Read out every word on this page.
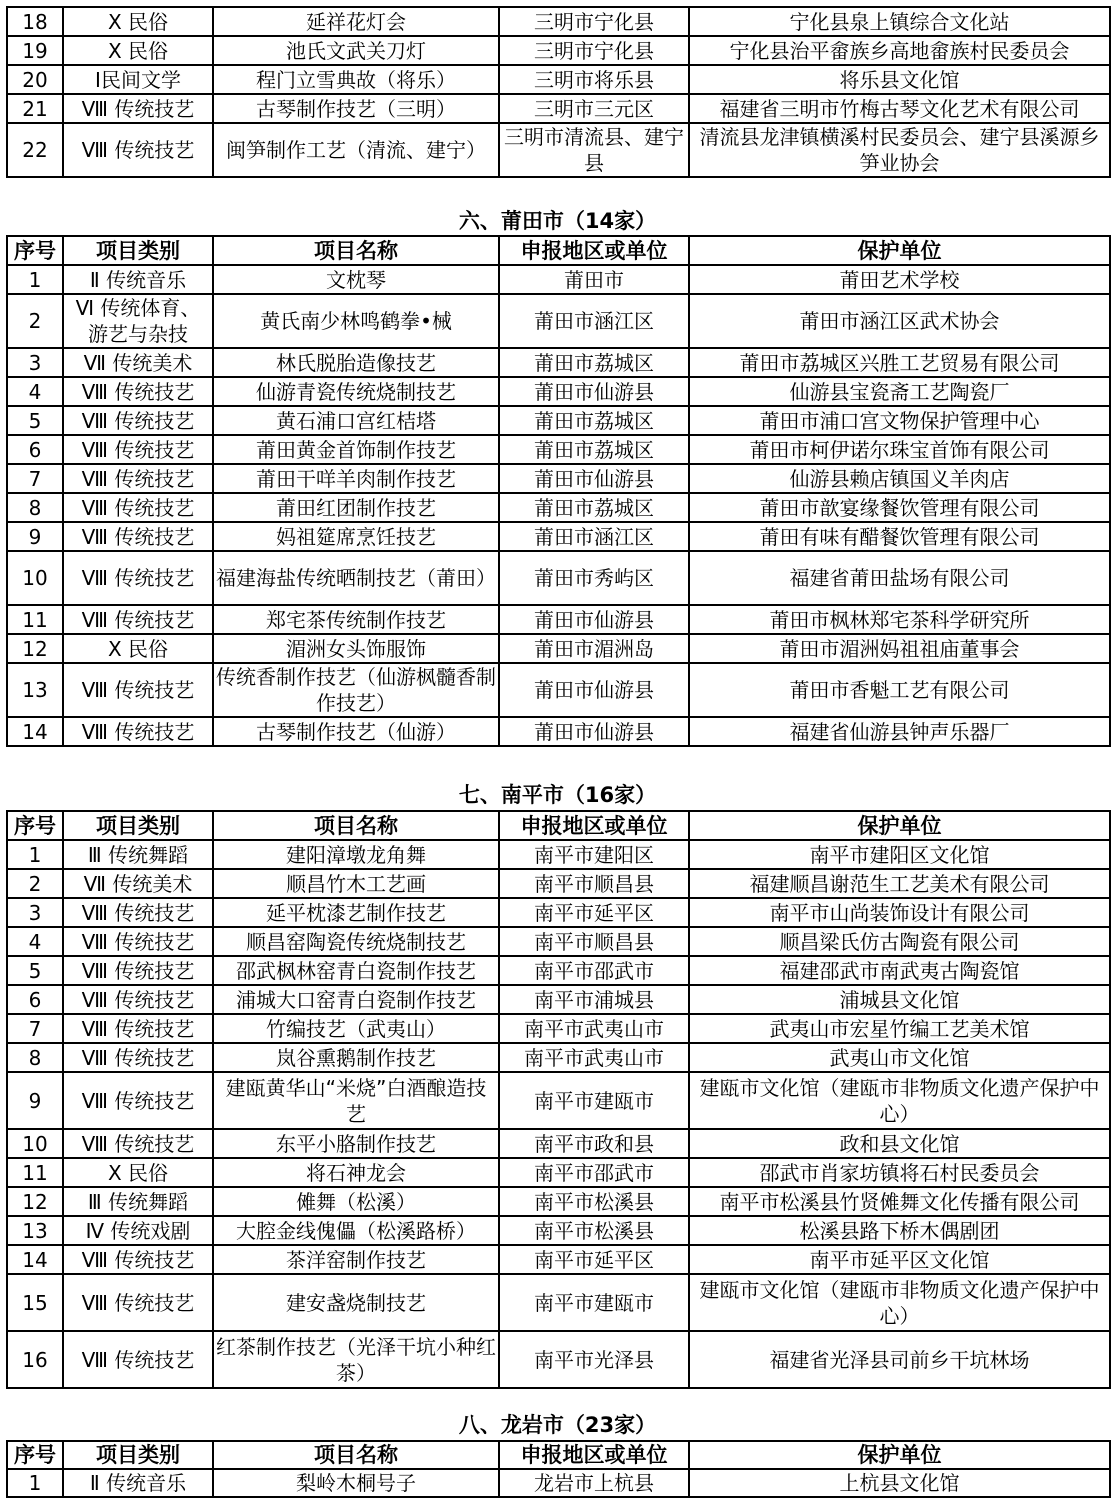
18	Ⅹ 民俗	延祥花灯会	三明市宁化县	宁化县泉上镇综合文化站
19	Ⅹ 民俗	池氏文武关刀灯	三明市宁化县	宁化县治平畲族乡高地畲族村民委员会
20	Ⅰ民间文学	程门立雪典故（将乐）	三明市将乐县	将乐县文化馆
21	Ⅷ 传统技艺	古琴制作技艺（三明）	三明市三元区	福建省三明市竹梅古琴文化艺术有限公司
22	Ⅷ 传统技艺	闽笋制作工艺（清流、建宁）	三明市清流县、建宁县	清流县龙津镇横溪村民委员会、建宁县溪源乡笋业协会
六、莆田市（14家）
序号	项目类别	项目名称	申报地区或单位	保护单位
1	Ⅱ 传统音乐	文枕琴	莆田市	莆田艺术学校
2	Ⅵ 传统体育、游艺与杂技	黄氏南少林鸣鹤拳•械	莆田市涵江区	莆田市涵江区武术协会
3	Ⅶ 传统美术	林氏脱胎造像技艺	莆田市荔城区	莆田市荔城区兴胜工艺贸易有限公司
4	Ⅷ 传统技艺	仙游青瓷传统烧制技艺	莆田市仙游县	仙游县宝瓷斋工艺陶瓷厂
5	Ⅷ 传统技艺	黄石浦口宫红桔塔	莆田市荔城区	莆田市浦口宫文物保护管理中心
6	Ⅷ 传统技艺	莆田黄金首饰制作技艺	莆田市荔城区	莆田市柯伊诺尔珠宝首饰有限公司
7	Ⅷ 传统技艺	莆田干咩羊肉制作技艺	莆田市仙游县	仙游县赖店镇国义羊肉店
8	Ⅷ 传统技艺	莆田红团制作技艺	莆田市荔城区	莆田市歆宴缘餐饮管理有限公司
9	Ⅷ 传统技艺	妈祖筵席烹饪技艺	莆田市涵江区	莆田有味有醋餐饮管理有限公司
10	Ⅷ 传统技艺	福建海盐传统晒制技艺（莆田）	莆田市秀屿区	福建省莆田盐场有限公司
11	Ⅷ 传统技艺	郑宅茶传统制作技艺	莆田市仙游县	莆田市枫林郑宅茶科学研究所
12	Ⅹ 民俗	湄洲女头饰服饰	莆田市湄洲岛	莆田市湄洲妈祖祖庙董事会
13	Ⅷ 传统技艺	传统香制作技艺（仙游枫髓香制作技艺）	莆田市仙游县	莆田市香魁工艺有限公司
14	Ⅷ 传统技艺	古琴制作技艺（仙游）	莆田市仙游县	福建省仙游县钟声乐器厂
七、南平市（16家）
序号	项目类别	项目名称	申报地区或单位	保护单位
1	Ⅲ 传统舞蹈	建阳漳墩龙角舞	南平市建阳区	南平市建阳区文化馆
2	Ⅶ 传统美术	顺昌竹木工艺画	南平市顺昌县	福建顺昌谢范生工艺美术有限公司
3	Ⅷ 传统技艺	延平枕漆艺制作技艺	南平市延平区	南平市山尚装饰设计有限公司
4	Ⅷ 传统技艺	顺昌窑陶瓷传统烧制技艺	南平市顺昌县	顺昌梁氏仿古陶瓷有限公司
5	Ⅷ 传统技艺	邵武枫林窑青白瓷制作技艺	南平市邵武市	福建邵武市南武夷古陶瓷馆
6	Ⅷ 传统技艺	浦城大口窑青白瓷制作技艺	南平市浦城县	浦城县文化馆
7	Ⅷ 传统技艺	竹编技艺（武夷山）	南平市武夷山市	武夷山市宏星竹编工艺美术馆
8	Ⅷ 传统技艺	岚谷熏鹅制作技艺	南平市武夷山市	武夷山市文化馆
9	Ⅷ 传统技艺	建瓯黄华山“米烧”白酒酿造技艺	南平市建瓯市	建瓯市文化馆（建瓯市非物质文化遗产保护中心）
10	Ⅷ 传统技艺	东平小胳制作技艺	南平市政和县	政和县文化馆
11	Ⅹ 民俗	将石神龙会	南平市邵武市	邵武市肖家坊镇将石村民委员会
12	Ⅲ 传统舞蹈	傩舞（松溪）	南平市松溪县	南平市松溪县竹贤傩舞文化传播有限公司
13	Ⅳ 传统戏剧	大腔金线傀儡（松溪路桥）	南平市松溪县	松溪县路下桥木偶剧团
14	Ⅷ 传统技艺	茶洋窑制作技艺	南平市延平区	南平市延平区文化馆
15	Ⅷ 传统技艺	建安盏烧制技艺	南平市建瓯市	建瓯市文化馆（建瓯市非物质文化遗产保护中心）
16	Ⅷ 传统技艺	红茶制作技艺（光泽干坑小种红茶）	南平市光泽县	福建省光泽县司前乡干坑林场
八、龙岩市（23家）
序号	项目类别	项目名称	申报地区或单位	保护单位
1	Ⅱ 传统音乐	梨岭木桐号子	龙岩市上杭县	上杭县文化馆
